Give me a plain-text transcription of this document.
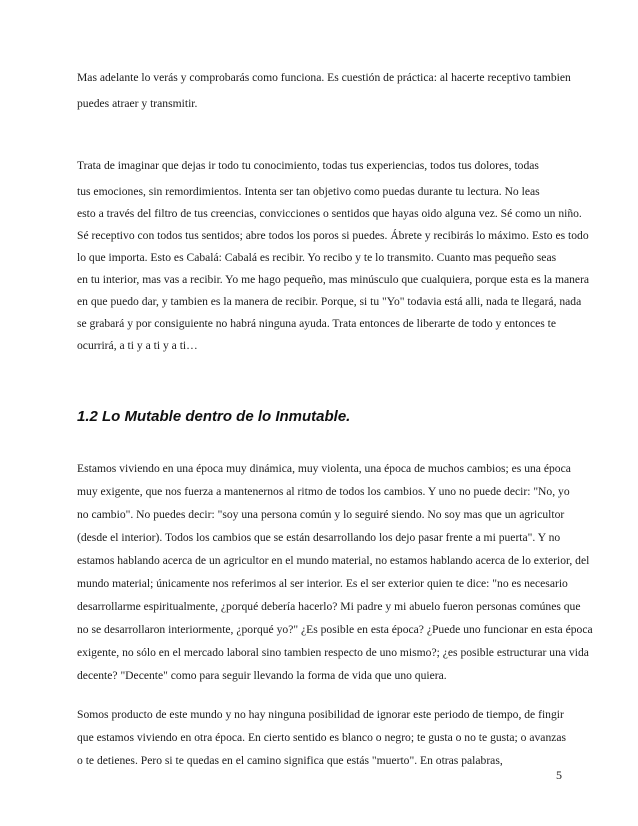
Mas adelante lo verás y comprobarás como funciona. Es cuestión de práctica: al hacerte receptivo tambien
puedes atraer y transmitir.
Trata de imaginar que dejas ir todo tu conocimiento, todas tus experiencias, todos tus dolores, todas
tus emociones, sin remordimientos. Intenta ser tan objetivo como puedas durante tu lectura. No leas
esto a través del filtro de tus creencias, convicciones o sentidos que hayas oido alguna vez. Sé como un niño.
Sé receptivo con todos tus sentidos; abre todos los poros si puedes. Ábrete y recibirás lo máximo. Esto es todo
lo que importa. Esto es Cabalá: Cabalá es recibir. Yo recibo y te lo transmito. Cuanto mas pequeño seas
en tu interior, mas vas a recibir. Yo me hago pequeño, mas minúsculo que cualquiera, porque esta es la manera
en que puedo dar, y tambien es la manera de recibir. Porque, si tu "Yo" todavia está alli, nada te llegará, nada
se grabará y por consiguiente no habrá ninguna ayuda. Trata entonces de liberarte de todo y entonces te
ocurrirá, a ti y a ti y a ti…
1.2 Lo Mutable dentro de lo Inmutable.
Estamos viviendo en una época muy dinámica, muy violenta, una época de muchos cambios; es una época
muy exigente, que nos fuerza a mantenernos al ritmo de todos los cambios. Y uno no puede decir: "No, yo
no cambio". No puedes decir: "soy una persona común y lo seguiré siendo. No soy mas que un agricultor
(desde el interior). Todos los cambios que se están desarrollando los dejo pasar frente a mi puerta". Y no
estamos hablando acerca de un agricultor en el mundo material, no estamos hablando acerca de lo exterior, del
mundo material; únicamente nos referimos al ser interior. Es el ser exterior quien te dice: "no es necesario
desarrollarme espiritualmente, ¿porqué debería hacerlo? Mi padre y mi abuelo fueron personas comúnes que
no se desarrollaron interiormente, ¿porqué yo?" ¿Es posible en esta época? ¿Puede uno funcionar en esta época
exigente, no sólo en el mercado laboral sino tambien respecto de uno mismo?; ¿es posible estructurar una vida
decente? "Decente" como para seguir llevando la forma de vida que uno quiera.
Somos producto de este mundo y no hay ninguna posibilidad de ignorar este periodo de tiempo, de fingir
que estamos viviendo en otra época. En cierto sentido es blanco o negro; te gusta o no te gusta; o avanzas
o te detienes. Pero si te quedas en el camino significa que estás "muerto". En otras palabras,
5
